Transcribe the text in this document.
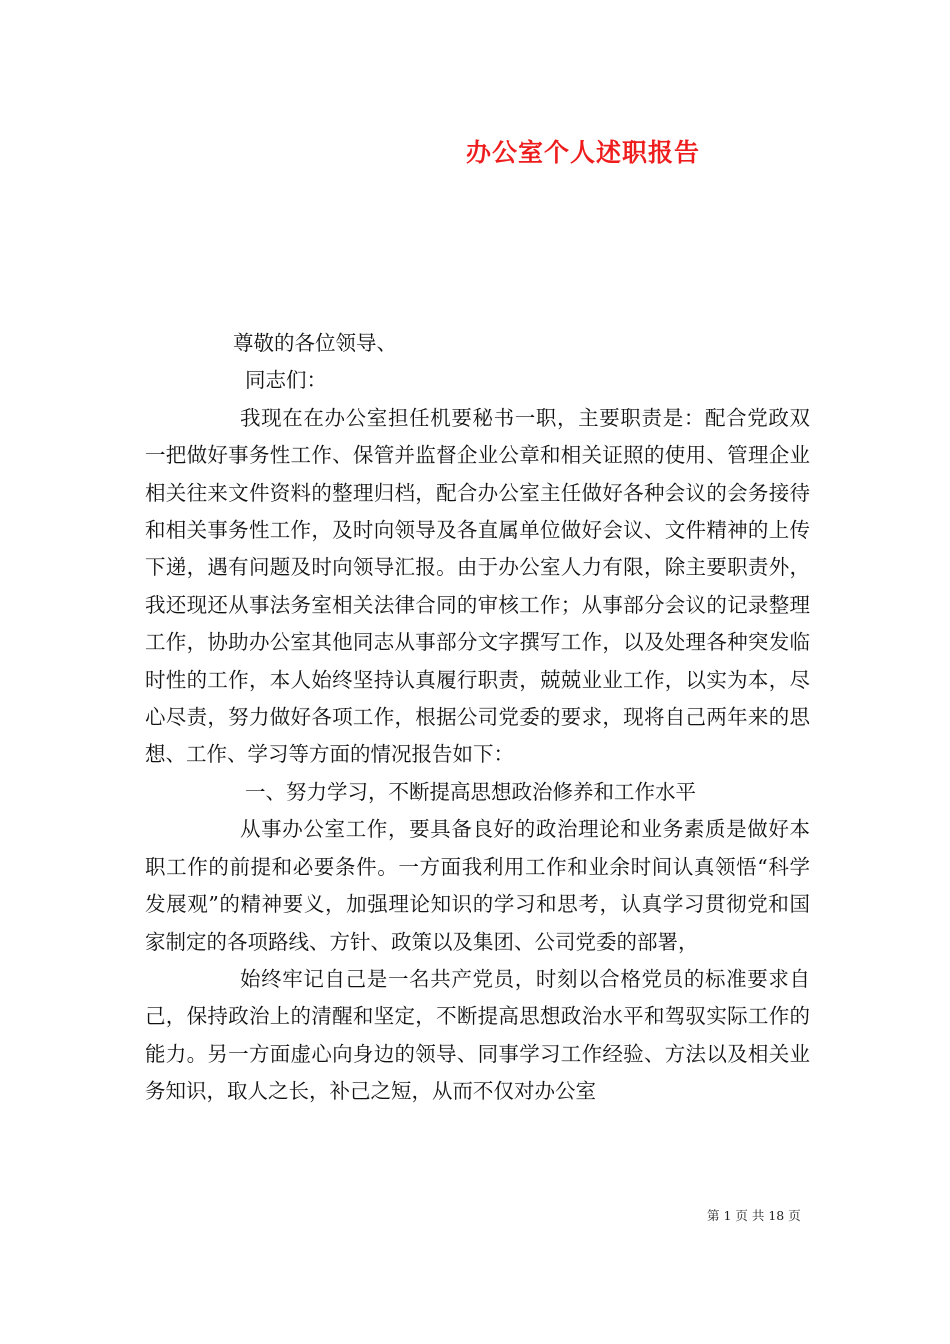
办公室个人述职报告

尊敬的各位领导、

同志们：

我现在在办公室担任机要秘书一职，主要职责是：配合党政双一把做好事务性工作、保管并监督企业公章和相关证照的使用、管理企业相关往来文件资料的整理归档，配合办公室主任做好各种会议的会务接待和相关事务性工作，及时向领导及各直属单位做好会议、文件精神的上传下递，遇有问题及时向领导汇报。由于办公室人力有限，除主要职责外，我还现还从事法务室相关法律合同的审核工作；从事部分会议的记录整理工作，协助办公室其他同志从事部分文字撰写工作，以及处理各种突发临时性的工作，本人始终坚持认真履行职责，兢兢业业工作，以实为本，尽心尽责，努力做好各项工作，根据公司党委的要求，现将自己两年来的思想、工作、学习等方面的情况报告如下：

一、努力学习，不断提高思想政治修养和工作水平

从事办公室工作，要具备良好的政治理论和业务素质是做好本职工作的前提和必要条件。一方面我利用工作和业余时间认真领悟“科学发展观”的精神要义，加强理论知识的学习和思考，认真学习贯彻党和国家制定的各项路线、方针、政策以及集团、公司党委的部署，

始终牢记自己是一名共产党员，时刻以合格党员的标准要求自己，保持政治上的清醒和坚定，不断提高思想政治水平和驾驭实际工作的能力。另一方面虚心向身边的领导、同事学习工作经验、方法以及相关业务知识，取人之长，补己之短，从而不仅对办公室

第 1 页 共 18 页
